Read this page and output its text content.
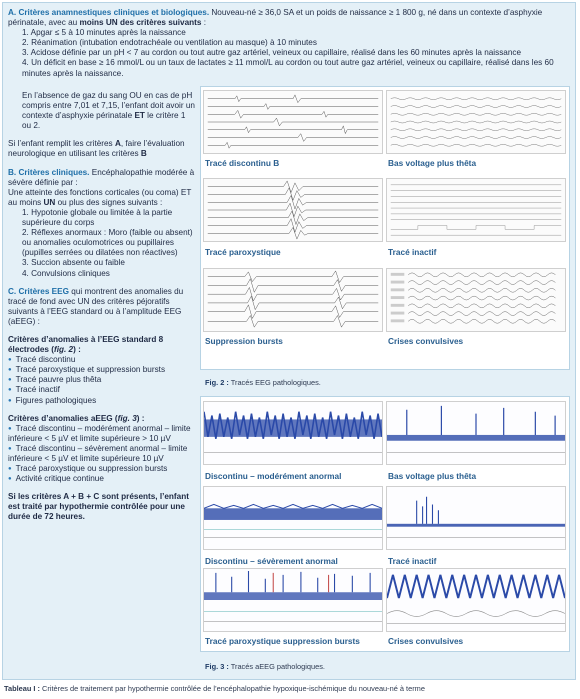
A. Critères anamnestiques cliniques et biologiques. Nouveau-né ≥ 36,0 SA et un poids de naissance ≥ 1 800 g, né dans un contexte d’asphyxie périnatale, avec au moins UN des critères suivants :

1. Apgar ≤ 5 à 10 minutes après la naissance

2. Réanimation (intubation endotrachéale ou ventilation au masque) à 10 minutes

3. Acidose définie par un pH < 7 au cordon ou tout autre gaz artériel, veineux ou capillaire, réalisé dans les 60 minutes après la naissance

4. Un déficit en base ≥ 16 mmol/L ou un taux de lactates ≥ 11 mmol/L au cordon ou tout autre gaz artériel, veineux ou capillaire, réalisé dans les 60 minutes après la naissance.

En l’absence de gaz du sang OU en cas de pH compris entre 7,01 et 7,15, l’enfant doit avoir un contexte d’asphyxie périnatale ET le critère 1 ou 2.

Si l’enfant remplit les critères A, faire l’évaluation neurologique en utilisant les critères B

B. Critères cliniques. Encéphalopathie modérée à sévère définie par :

Une atteinte des fonctions corticales (ou coma) ET au moins UN ou plus des signes suivants :

1. Hypotonie globale ou limitée à la partie supérieure du corps

2. Réflexes anormaux : Moro (faible ou absent) ou anomalies oculomotrices ou pupillaires (pupilles serrées ou dilatées non réactives)

3. Succion absente ou faible

4. Convulsions cliniques

C. Critères EEG qui montrent des anomalies du tracé de fond avec UN des critères péjoratifs suivants à l’EEG standard ou à l’amplitude EEG (aEEG) :

Critères d’anomalies à l’EEG standard 8 électrodes (fig. 2) :

● Tracé discontinu

● Tracé paroxystique et suppression bursts

● Tracé pauvre plus thêta

● Tracé inactif

● Figures pathologiques

Critères d’anomalies aEEG (fig. 3) :

● Tracé discontinu – modérément anormal – limite inférieure < 5 µV et limite supérieure > 10 µV

● Tracé discontinu – sévèrement anormal – limite inférieure < 5 µV et limite supérieure 10 µV

● Tracé paroxystique ou suppression bursts

● Activité critique continue

Si les critères A + B + C sont présents, l’enfant est traité par hypothermie contrôlée pour une durée de 72 heures.

Tracé discontinu B	Bas voltage plus thêta
Tracé paroxystique	Tracé inactif
Suppression bursts	Crises convulsives
Fig. 2 : Tracés EEG pathologiques.
Discontinu – modérément anormal	Bas voltage plus thêta
Discontinu – sévèrement anormal	Tracé inactif
Tracé paroxystique suppression bursts	Crises convulsives
Fig. 3 : Tracés aEEG pathologiques.
Tableau I : Critères de traitement par hypothermie contrôlée de l’encéphalopathie hypoxique-ischémique du nouveau-né à terme
